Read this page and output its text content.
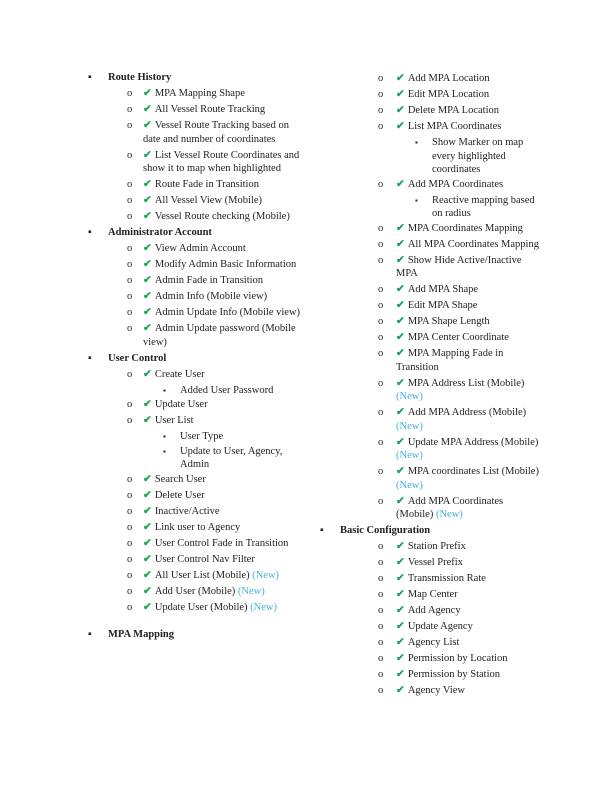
▪ Route History
o ✔ MPA Mapping Shape
o ✔ All Vessel Route Tracking
o ✔ Vessel Route Tracking based on date and number of coordinates
o ✔ List Vessel Route Coordinates and show it to map when highlighted
o ✔ Route Fade in Transition
o ✔ All Vessel View (Mobile)
o ✔ Vessel Route checking (Mobile)
▪ Administrator Account
o ✔ View Admin Account
o ✔ Modify Admin Basic Information
o ✔ Admin Fade in Transition
o ✔ Admin Info (Mobile view)
o ✔ Admin Update Info (Mobile view)
o ✔ Admin Update password (Mobile view)
▪ User Control
o ✔ Create User
▪ Added User Password
o ✔ Update User
o ✔ User List
▪ User Type
▪ Update to User, Agency, Admin
o ✔ Search User
o ✔ Delete User
o ✔ Inactive/Active
o ✔ Link user to Agency
o ✔ User Control Fade in Transition
o ✔ User Control Nav Filter
o ✔ All User List (Mobile) (New)
o ✔ Add User (Mobile) (New)
o ✔ Update User (Mobile) (New)
▪ MPA Mapping
o ✔ Add MPA Location
o ✔ Edit MPA Location
o ✔ Delete MPA Location
o ✔ List MPA Coordinates
▪ Show Marker on map every highlighted coordinates
o ✔ Add MPA Coordinates
▪ Reactive mapping based on radius
o ✔ MPA Coordinates Mapping
o ✔ All MPA Coordinates Mapping
o ✔ Show Hide Active/Inactive MPA
o ✔ Add MPA Shape
o ✔ Edit MPA Shape
o ✔ MPA Shape Length
o ✔ MPA Center Coordinate
o ✔ MPA Mapping Fade in Transition
o ✔ MPA Address List (Mobile) (New)
o ✔ Add MPA Address (Mobile) (New)
o ✔ Update MPA Address (Mobile) (New)
o ✔ MPA coordinates List (Mobile) (New)
o ✔ Add MPA Coordinates (Mobile) (New)
▪ Basic Configuration
o ✔ Station Prefix
o ✔ Vessel Prefix
o ✔ Transmission Rate
o ✔ Map Center
o ✔ Add Agency
o ✔ Update Agency
o ✔ Agency List
o ✔ Permission by Location
o ✔ Permission by Station
o ✔ Agency View
